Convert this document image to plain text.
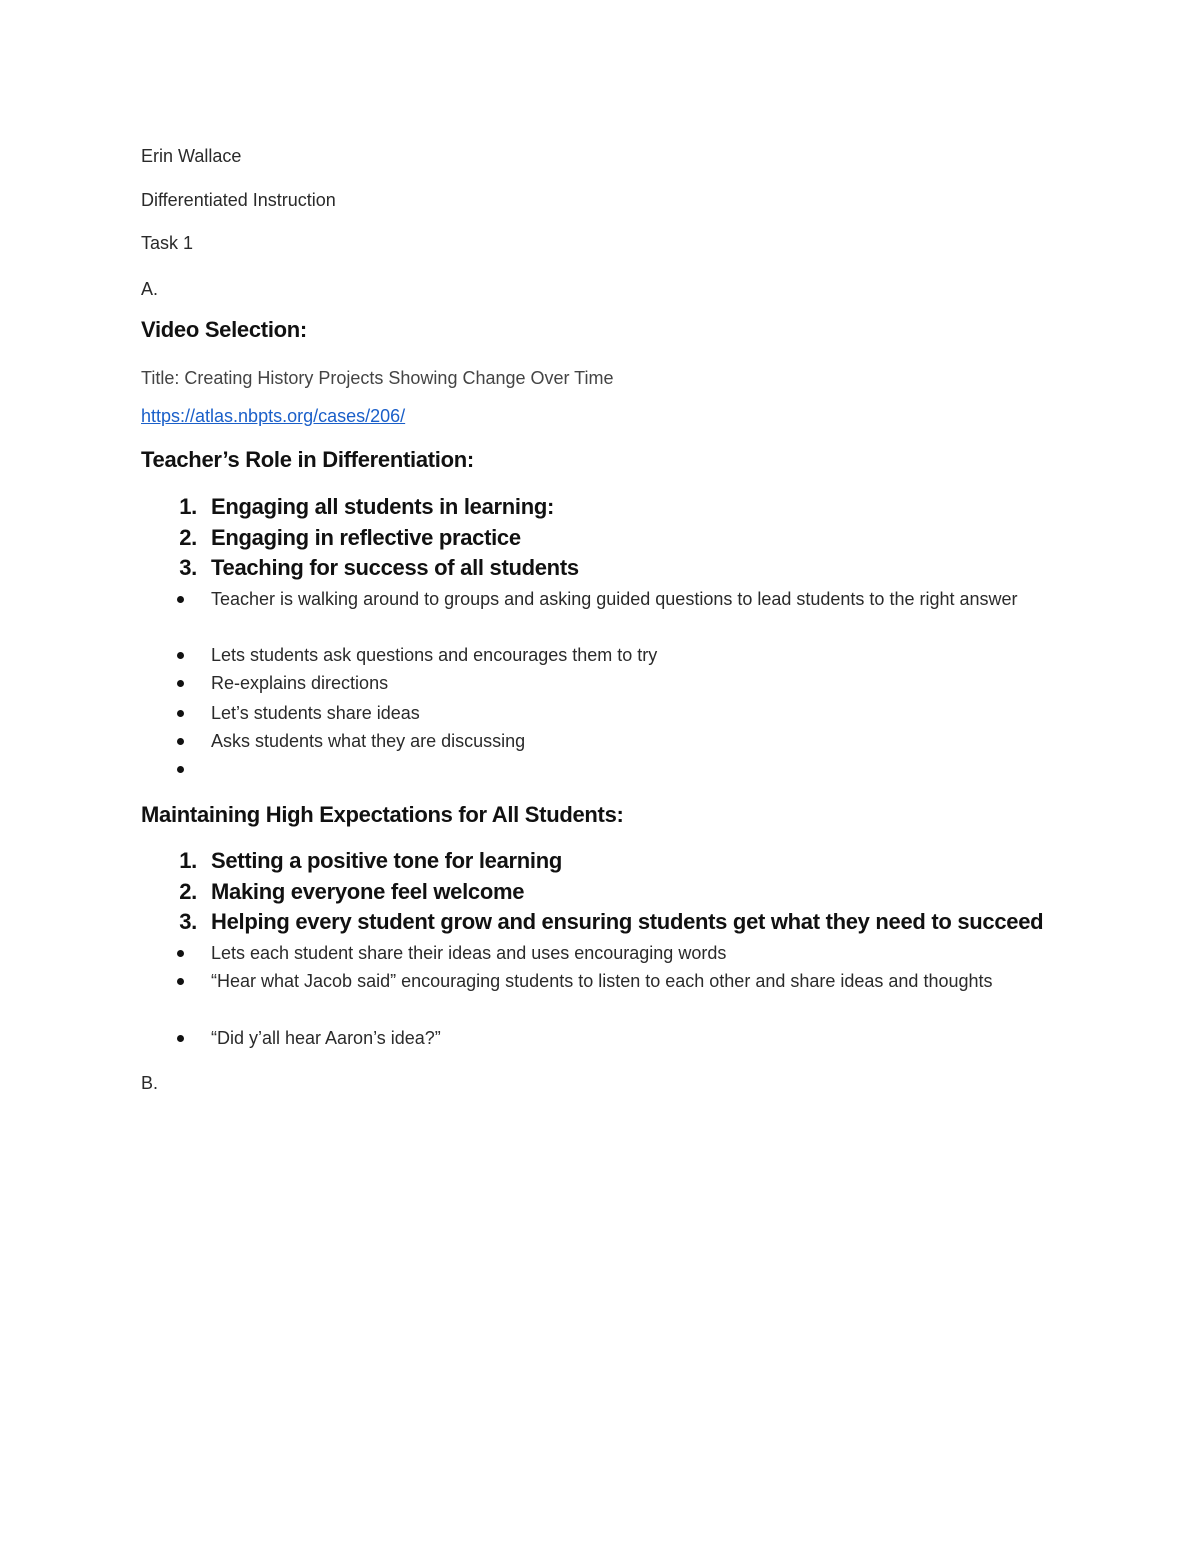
Erin Wallace
Differentiated Instruction
Task 1
A.
Video Selection:
Title: Creating History Projects Showing Change Over Time
https://atlas.nbpts.org/cases/206/
Teacher’s Role in Differentiation:
1. Engaging all students in learning:
2. Engaging in reflective practice
3. Teaching for success of all students
Teacher is walking around to groups and asking guided questions to lead students to the right answer
Lets students ask questions and encourages them to try
Re-explains directions
Let’s students share ideas
Asks students what they are discussing
Maintaining High Expectations for All Students:
1. Setting a positive tone for learning
2. Making everyone feel welcome
3. Helping every student grow and ensuring students get what they need to succeed
Lets each student share their ideas and uses encouraging words
“Hear what Jacob said” encouraging students to listen to each other and share ideas and thoughts
“Did y’all hear Aaron’s idea?”
B.
